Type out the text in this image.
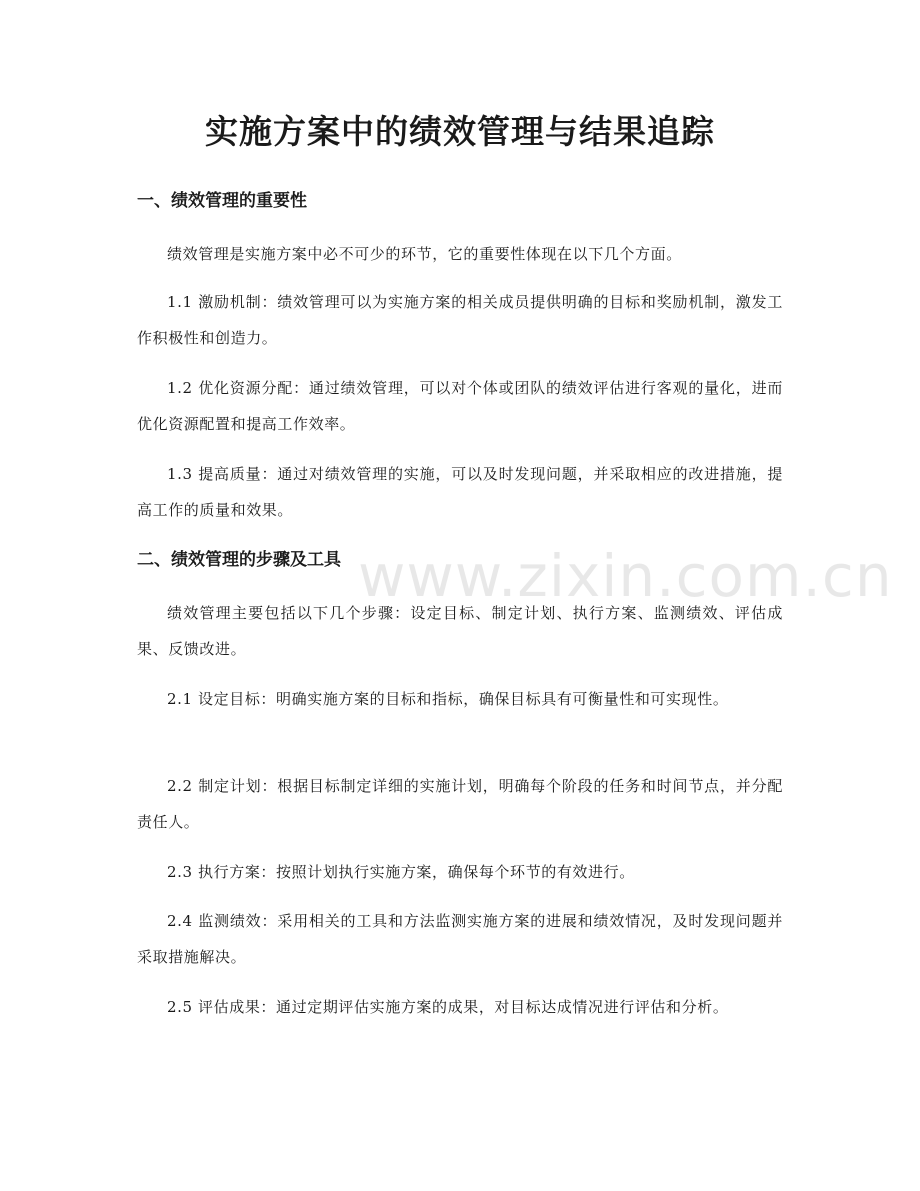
实施方案中的绩效管理与结果追踪
一、绩效管理的重要性

绩效管理是实施方案中必不可少的环节，它的重要性体现在以下几个方面。

1.1 激励机制：绩效管理可以为实施方案的相关成员提供明确的目标和奖励机制，激发工作积极性和创造力。

1.2 优化资源分配：通过绩效管理，可以对个体或团队的绩效评估进行客观的量化，进而优化资源配置和提高工作效率。

1.3 提高质量：通过对绩效管理的实施，可以及时发现问题，并采取相应的改进措施，提高工作的质量和效果。

二、绩效管理的步骤及工具

绩效管理主要包括以下几个步骤：设定目标、制定计划、执行方案、监测绩效、评估成果、反馈改进。

2.1 设定目标：明确实施方案的目标和指标，确保目标具有可衡量性和可实现性。

2.2 制定计划：根据目标制定详细的实施计划，明确每个阶段的任务和时间节点，并分配责任人。

2.3 执行方案：按照计划执行实施方案，确保每个环节的有效进行。

2.4 监测绩效：采用相关的工具和方法监测实施方案的进展和绩效情况，及时发现问题并采取措施解决。

2.5 评估成果：通过定期评估实施方案的成果，对目标达成情况进行评估和分析。

www.zixin.com.cn
